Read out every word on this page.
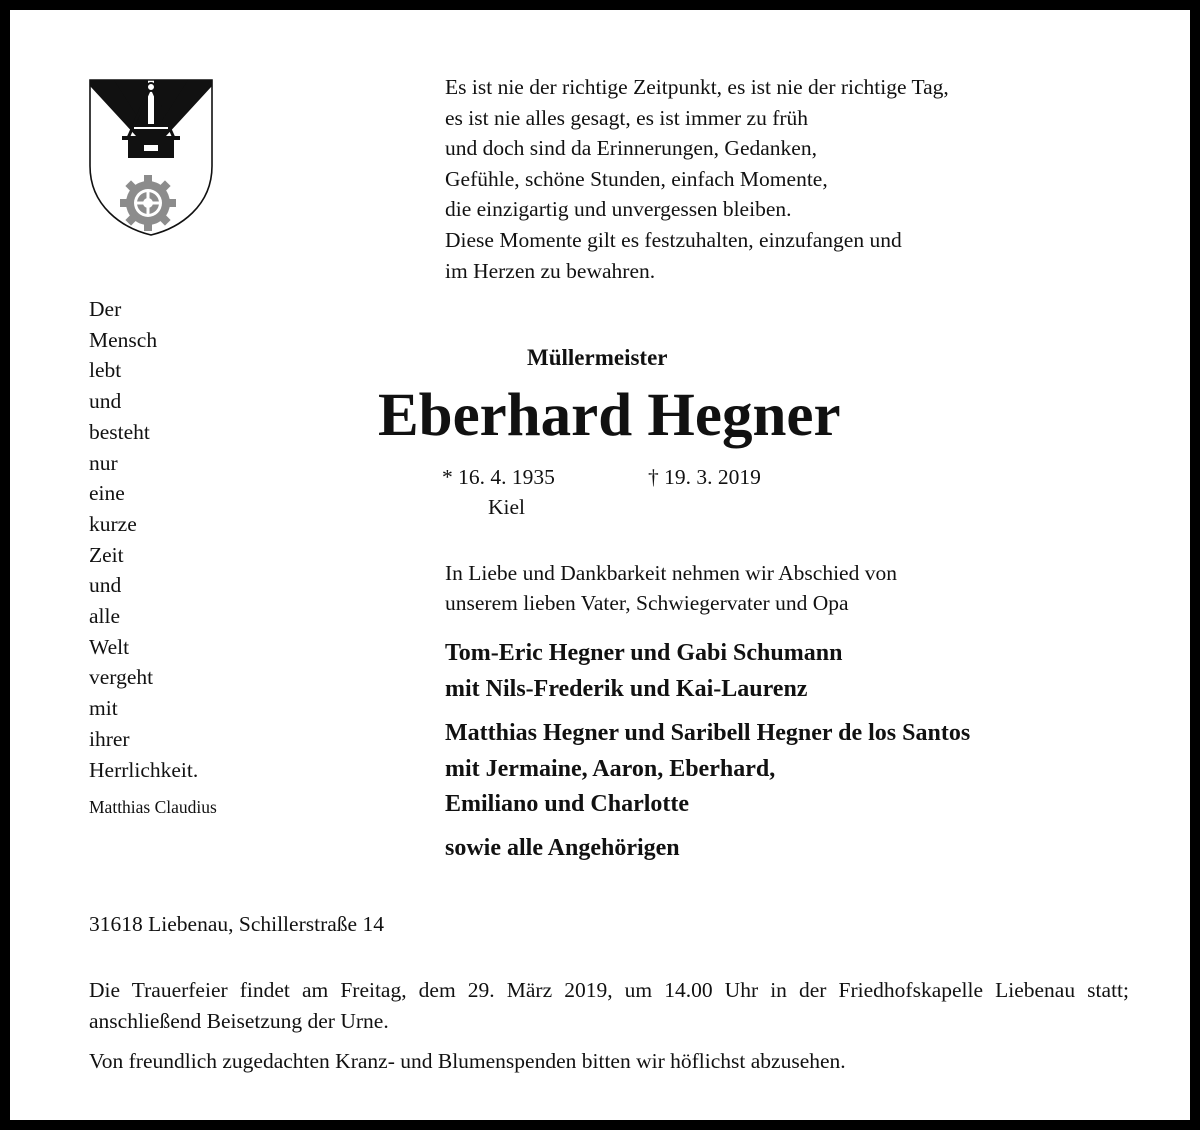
Es ist nie der richtige Zeitpunkt, es ist nie der richtige Tag,
es ist nie alles gesagt, es ist immer zu früh
und doch sind da Erinnerungen, Gedanken,
Gefühle, schöne Stunden, einfach Momente,
die einzigartig und unvergessen bleiben.
Diese Momente gilt es festzuhalten, einzufangen und
im Herzen zu bewahren.
Der
Mensch
lebt
und
besteht
nur
eine
kurze
Zeit
und
alle
Welt
vergeht
mit
ihrer
Herrlichkeit.
Matthias Claudius
Müllermeister
Eberhard Hegner
* 16. 4. 1935	† 19. 3. 2019
Kiel
In Liebe und Dankbarkeit nehmen wir Abschied von
unserem lieben Vater, Schwiegervater und Opa
Tom-Eric Hegner und Gabi Schumann
mit Nils-Frederik und Kai-Laurenz
Matthias Hegner und Saribell Hegner de los Santos
mit Jermaine, Aaron, Eberhard,
Emiliano und Charlotte
sowie alle Angehörigen
31618 Liebenau, Schillerstraße 14
Die Trauerfeier findet am Freitag, dem 29. März 2019, um 14.00 Uhr in der Friedhofskapelle Liebenau statt; anschließend Beisetzung der Urne.
Von freundlich zugedachten Kranz- und Blumenspenden bitten wir höflichst abzusehen.
